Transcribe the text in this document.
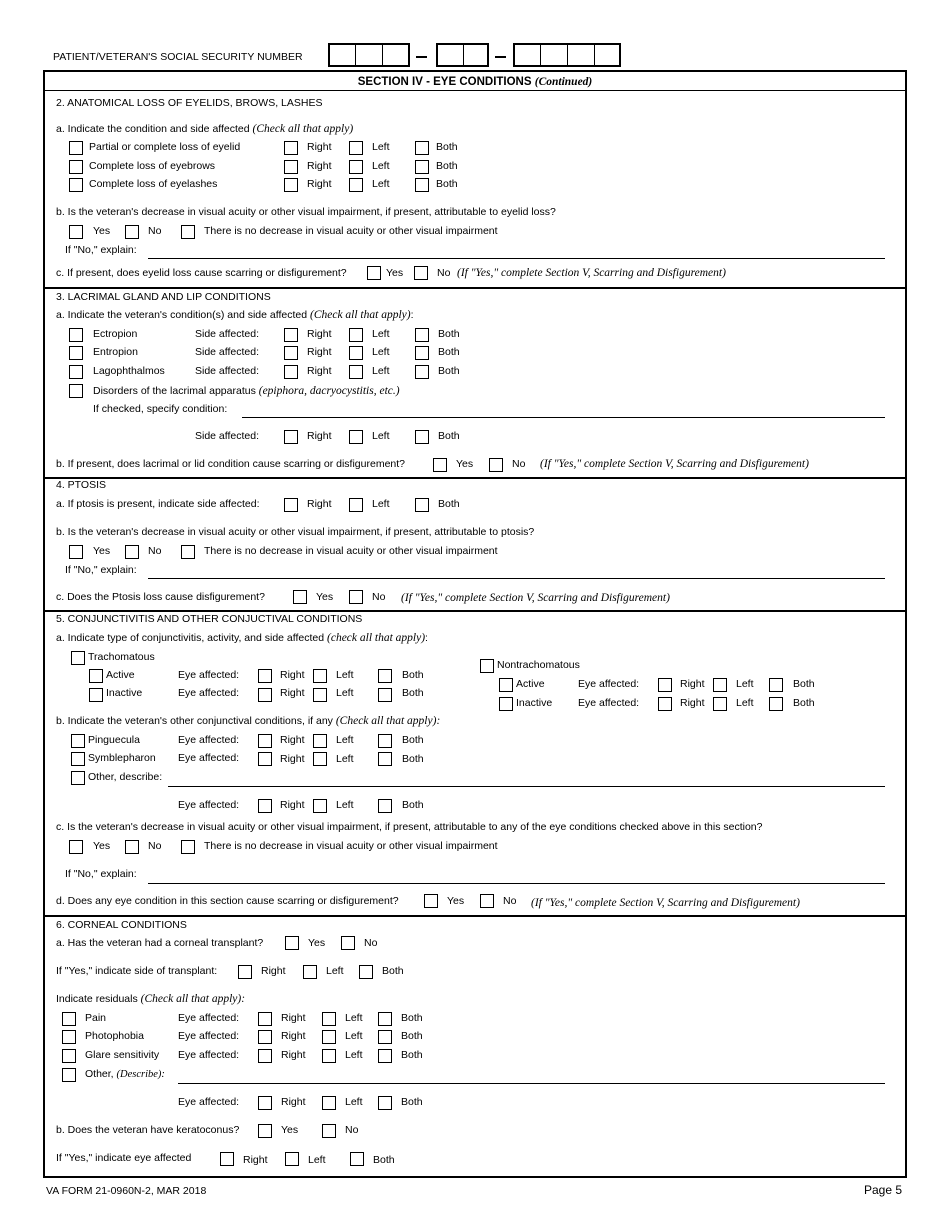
PATIENT/VETERAN'S SOCIAL SECURITY NUMBER
SECTION IV - EYE CONDITIONS (Continued)
2. ANATOMICAL LOSS OF EYELIDS, BROWS, LASHES
a. Indicate the condition and side affected (Check all that apply)
Partial or complete loss of eyelid	Right	Left	Both
Complete loss of eyebrows	Right	Left	Both
Complete loss of eyelashes	Right	Left	Both
b. Is the veteran's decrease in visual acuity or other visual impairment, if present, attributable to eyelid loss?
Yes	No	There is no decrease in visual acuity or other visual impairment
If "No," explain:
c. If present, does eyelid loss cause scarring or disfigurement?	Yes	No (If "Yes," complete Section V, Scarring and Disfigurement)
3. LACRIMAL GLAND AND LIP CONDITIONS
a. Indicate the veteran's condition(s) and side affected (Check all that apply):
Ectropion	Side affected:	Right	Left	Both
Entropion	Side affected:	Right	Left	Both
Lagophthalmos	Side affected:	Right	Left	Both
Disorders of the lacrimal apparatus (epiphora, dacryocystitis, etc.)
If checked, specify condition:
Side affected:	Right	Left	Both
b. If present, does lacrimal or lid condition cause scarring or disfigurement?	Yes	No (If "Yes," complete Section V, Scarring and Disfigurement)
4. PTOSIS
a. If ptosis is present, indicate side affected:	Right	Left	Both
b. Is the veteran's decrease in visual acuity or other visual impairment, if present, attributable to ptosis?
Yes	No	There is no decrease in visual acuity or other visual impairment
If "No," explain:
c. Does the Ptosis loss cause disfigurement?	Yes	No (If "Yes," complete Section V, Scarring and Disfigurement)
5. CONJUNCTIVITIS AND OTHER CONJUCTIVAL CONDITIONS
a. Indicate type of conjunctivitis, activity, and side affected (check all that apply):
Trachomatous
Active	Eye affected:	Right	Left	Both
Inactive	Eye affected:	Right	Left	Both
Nontrachomatous
Active	Eye affected:	Right	Left	Both
Inactive Eye affected:	Right	Left	Both
b. Indicate the veteran's other conjunctival conditions, if any (Check all that apply):
Pinguecula	Eye affected:	Right	Left	Both
Symblepharon Eye affected:	Right	Left	Both
Other, describe:
Eye affected:	Right	Left	Both
c. Is the veteran's decrease in visual acuity or other visual impairment, if present, attributable to any of the eye conditions checked above in this section?
Yes	No	There is no decrease in visual acuity or other visual impairment
If "No," explain:
d. Does any eye condition in this section cause scarring or disfigurement?	Yes	No (If "Yes," complete Section V, Scarring and Disfigurement)
6. CORNEAL CONDITIONS
a. Has the veteran had a corneal transplant?	Yes	No
If "Yes," indicate side of transplant:	Right	Left	Both
Indicate residuals (Check all that apply):
Pain	Eye affected:	Right	Left	Both
Photophobia	Eye affected:	Right	Left	Both
Glare sensitivity Eye affected:	Right	Left	Both
Other, (Describe):
Eye affected:	Right	Left	Both
b. Does the veteran have keratoconus?	Yes	No
If "Yes," indicate eye affected	Right	Left	Both
VA FORM 21-0960N-2, MAR 2018	Page 5
